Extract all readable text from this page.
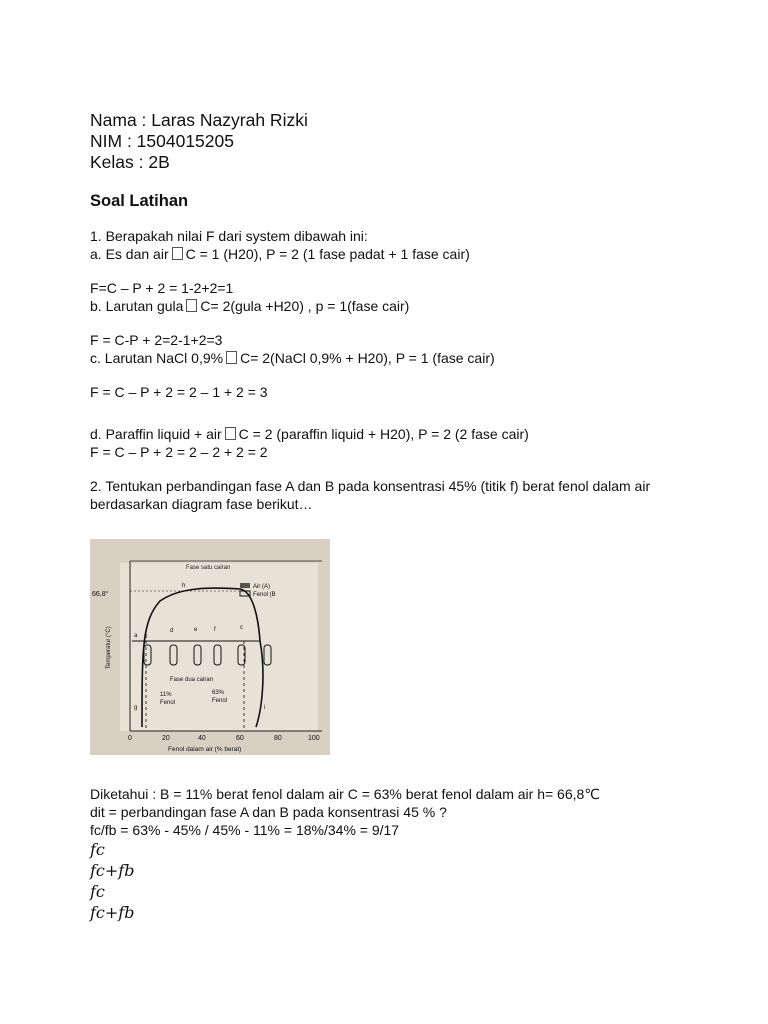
Nama : Laras Nazyrah Rizki

NIM : 1504015205

Kelas : 2B

Soal Latihan

1. Berapakah nilai F dari system dibawah ini:

a. Es dan air C = 1 (H20), P = 2 (1 fase padat + 1 fase cair)

F=C – P + 2 = 1-2+2=1

b. Larutan gula C= 2(gula +H20) , p = 1(fase cair)

F = C-P + 2=2-1+2=3

c. Larutan NaCl 0,9% C= 2(NaCl 0,9% + H20), P = 1 (fase cair)

F = C – P + 2 = 2 – 1 + 2 = 3

d. Paraffin liquid + air C = 2 (paraffin liquid + H20), P = 2 (2 fase cair)

F = C – P + 2 = 2 – 2 + 2 = 2

2. Tentukan perbandingan fase A dan B pada konsentrasi 45% (titik f) berat fenol dalam air berdasarkan diagram fase berikut…

Fase satu cairan
66,8°
Temperatur (°C)
Air (A)
Fenol (B
Fase dua cairan
11%
Fenol
63%
Fenol
h
a b
c
d	e	f
g	i
0	20	40	60	80	100
Fenol dalam air (% berat)

Diketahui : B = 11% berat fenol dalam air C = 63% berat fenol dalam air h= 66,8℃

dit = perbandingan fase A dan B pada konsentrasi 45 % ?

fc/fb = 63% - 45% / 45% - 11% = 18%/34% = 9/17

fc

fc+fb

fc

fc+fb
